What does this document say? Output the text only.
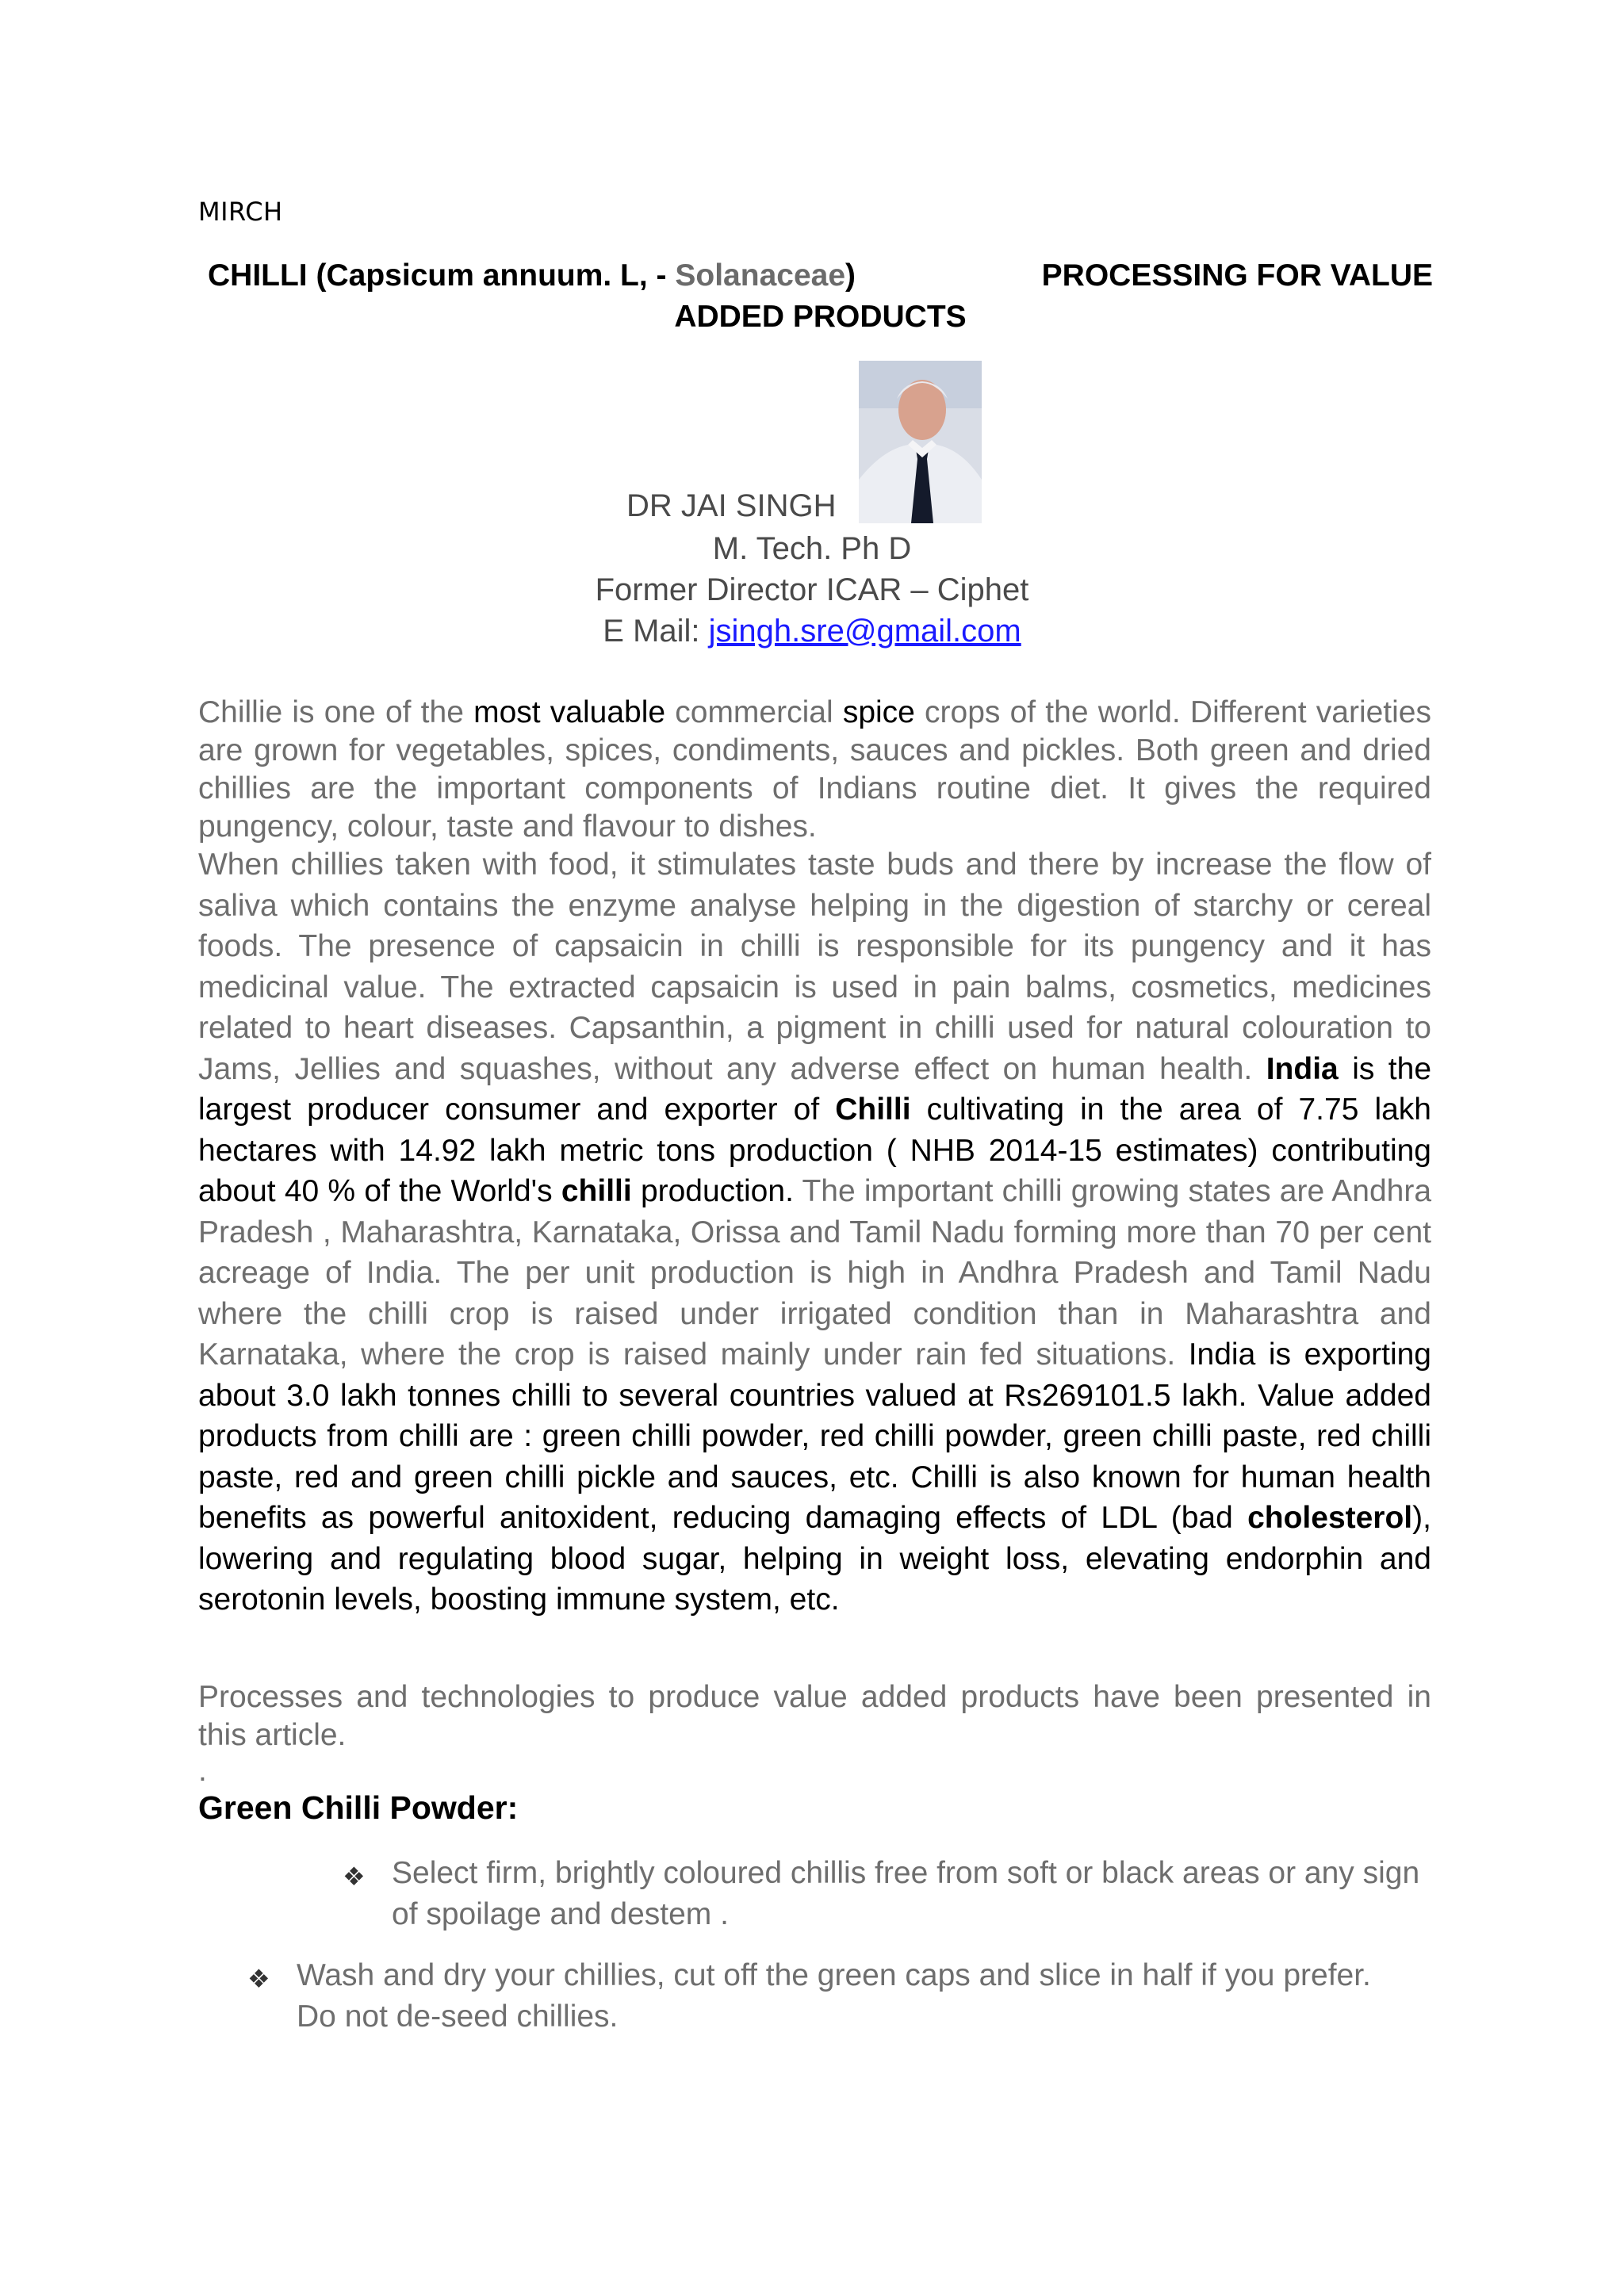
MIRCH
CHILLI (Capsicum annuum. L, - Solanaceae)	PROCESSING FOR VALUE
ADDED PRODUCTS
DR JAI SINGH
M. Tech. Ph D
Former Director ICAR – Ciphet
E Mail: jsingh.sre@gmail.com

Chillie is one of the most valuable commercial spice crops of the world. Different varieties are grown for vegetables, spices, condiments, sauces and pickles. Both green and dried chillies are the important components of Indians routine diet. It gives the required pungency, colour, taste and flavour to dishes.

When chillies taken with food, it stimulates taste buds and there by increase the flow of saliva which contains the enzyme analyse helping in the digestion of starchy or cereal foods. The presence of capsaicin in chilli is responsible for its pungency and it has medicinal value. The extracted capsaicin is used in pain balms, cosmetics, medicines related to heart diseases. Capsanthin, a pigment in chilli used for natural colouration to Jams, Jellies and squashes, without any adverse effect on human health. India is the largest producer consumer and exporter of Chilli cultivating in the area of 7.75 lakh hectares with 14.92 lakh metric tons production ( NHB 2014-15 estimates) contributing about 40 % of the World's chilli production. The important chilli growing states are Andhra Pradesh , Maharashtra, Karnataka, Orissa and Tamil Nadu forming more than 70 per cent acreage of India. The per unit production is high in Andhra Pradesh and Tamil Nadu where the chilli crop is raised under irrigated condition than in Maharashtra and Karnataka, where the crop is raised mainly under rain fed situations. India is exporting about 3.0 lakh tonnes chilli to several countries valued at Rs269101.5 lakh. Value added products from chilli are : green chilli powder, red chilli powder, green chilli paste, red chilli paste, red and green chilli pickle and sauces, etc. Chilli is also known for human health benefits as powerful anitoxident, reducing damaging effects of LDL (bad cholesterol), lowering and regulating blood sugar, helping in weight loss, elevating endorphin and serotonin levels, boosting immune system, etc.

Processes and technologies to produce value added products have been presented in this article.
.
Green Chilli Powder:
❖ Select firm, brightly coloured chillis free from soft or black areas or any sign of spoilage and destem .
❖ Wash and dry your chillies, cut off the green caps and slice in half if you prefer. Do not de-seed chillies.
